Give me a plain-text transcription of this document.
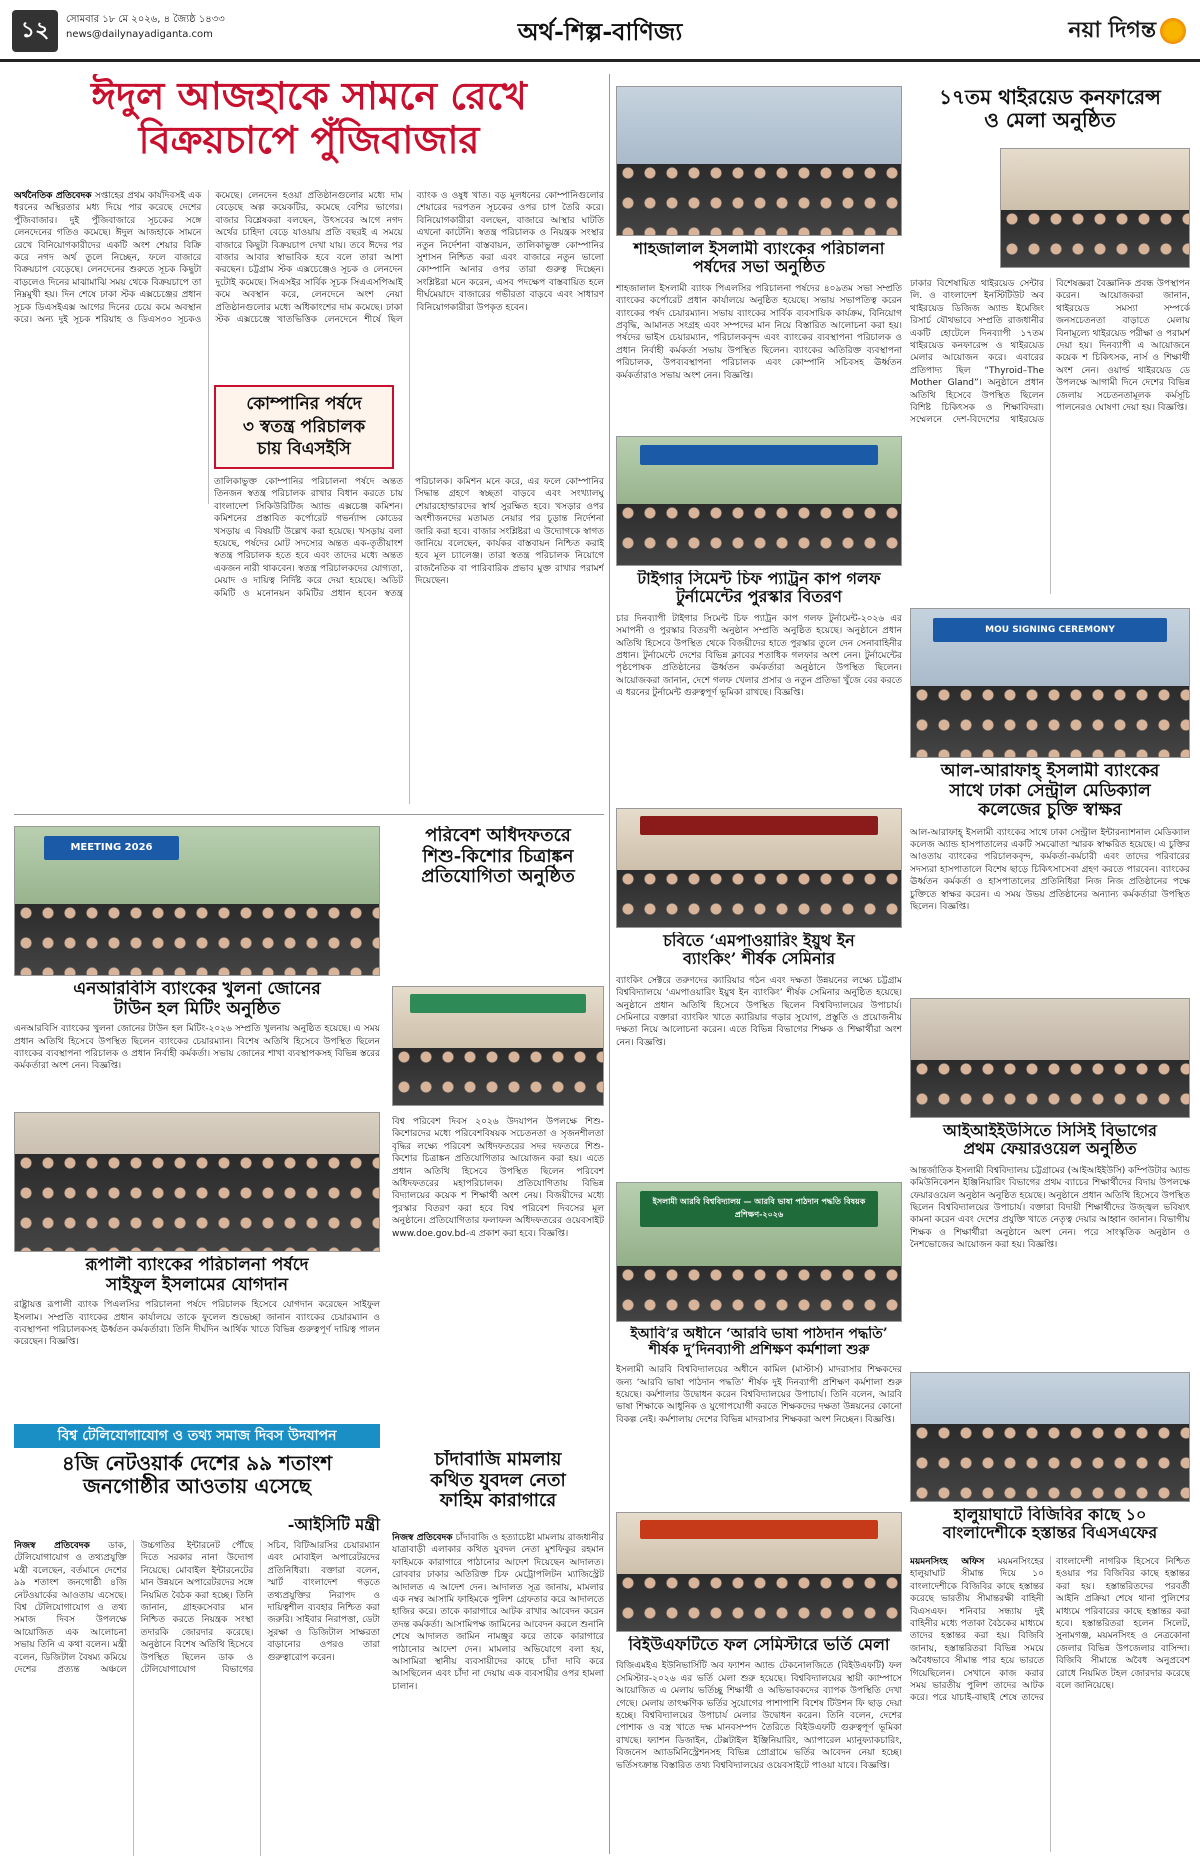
১২	সোমবার ১৮ মে ২০২৬, ৪ জ্যৈষ্ঠ ১৪৩৩
news@dailynayadiganta.com	অর্থ-শিল্প-বাণিজ্য	নয়া দিগন্ত
ঈদুল আজহাকে সামনে রেখে
বিক্রয়চাপে পুঁজিবাজার
অর্থনৈতিক প্রতিবেদক সপ্তাহের প্রথম কার্যদিবসই এক ধরনের অস্থিরতার মধ্য দিয়ে পার করেছে দেশের পুঁজিবাজার। দুই পুঁজিবাজারে সূচকের সঙ্গে লেনদেনের গতিও কমেছে। ঈদুল আজহাকে সামনে রেখে বিনিয়োগকারীদের একটি অংশ শেয়ার বিক্রি করে নগদ অর্থ তুলে নিচ্ছেন, ফলে বাজারে বিক্রয়চাপ বেড়েছে। লেনদেনের শুরুতে সূচক কিছুটা বাড়লেও দিনের মাঝামাঝি সময় থেকে বিক্রয়চাপে তা নিম্নমুখী হয়। দিন শেষে ঢাকা স্টক এক্সচেঞ্জের প্রধান সূচক ডিএসইএক্স আগের দিনের চেয়ে কমে অবস্থান করে। অন্য দুই সূচক শরিয়াহ ও ডিএস৩০ সূচকও কমেছে। লেনদেন হওয়া প্রতিষ্ঠানগুলোর মধ্যে দাম বেড়েছে অল্প কয়েকটির, কমেছে বেশির ভাগের। বাজার বিশ্লেষকরা বলছেন, উৎসবের আগে নগদ অর্থের চাহিদা বেড়ে যাওয়ায় প্রতি বছরই এ সময়ে বাজারে কিছুটা বিক্রয়চাপ দেখা যায়। তবে ঈদের পর বাজার আবার স্বাভাবিক হবে বলে তারা আশা করছেন। চট্টগ্রাম স্টক এক্সচেঞ্জেও সূচক ও লেনদেন দুটোই কমেছে। সিএসইর সার্বিক সূচক সিএএসপিআই কমে অবস্থান করে, লেনদেনে অংশ নেয়া প্রতিষ্ঠানগুলোর মধ্যে অধিকাংশের দাম কমেছে। ঢাকা স্টক এক্সচেঞ্জে খাতভিত্তিক লেনদেনে শীর্ষে ছিল ব্যাংক ও ওষুধ খাত। বড় মূলধনের কোম্পানিগুলোর শেয়ারের দরপতন সূচকের ওপর চাপ তৈরি করে। বিনিয়োগকারীরা বলছেন, বাজারে আস্থার ঘাটতি এখনো কাটেনি। স্বতন্ত্র পরিচালক ও নিয়ন্ত্রক সংস্থার নতুন নির্দেশনা বাস্তবায়ন, তালিকাভুক্ত কোম্পানির সুশাসন নিশ্চিত করা এবং বাজারে নতুন ভালো কোম্পানি আনার ওপর তারা গুরুত্ব দিচ্ছেন। সংশ্লিষ্টরা মনে করেন, এসব পদক্ষেপ বাস্তবায়িত হলে দীর্ঘমেয়াদে বাজারের গভীরতা বাড়বে এবং সাধারণ বিনিয়োগকারীরা উপকৃত হবেন।
কোম্পানির পর্ষদে
৩ স্বতন্ত্র পরিচালক
চায় বিএসইসি
তালিকাভুক্ত কোম্পানির পরিচালনা পর্ষদে অন্তত তিনজন স্বতন্ত্র পরিচালক রাখার বিধান করতে চায় বাংলাদেশ সিকিউরিটিজ অ্যান্ড এক্সচেঞ্জ কমিশন। কমিশনের প্রস্তাবিত কর্পোরেট গভর্ন্যান্স কোডের খসড়ায় এ বিষয়টি উল্লেখ করা হয়েছে। খসড়ায় বলা হয়েছে, পর্ষদের মোট সদস্যের অন্তত এক-তৃতীয়াংশ স্বতন্ত্র পরিচালক হতে হবে এবং তাদের মধ্যে অন্তত একজন নারী থাকবেন। স্বতন্ত্র পরিচালকদের যোগ্যতা, মেয়াদ ও দায়িত্ব নির্দিষ্ট করে দেয়া হয়েছে। অডিট কমিটি ও মনোনয়ন কমিটির প্রধান হবেন স্বতন্ত্র পরিচালক। কমিশন মনে করে, এর ফলে কোম্পানির সিদ্ধান্ত গ্রহণে স্বচ্ছতা বাড়বে এবং সংখ্যালঘু শেয়ারহোল্ডারদের স্বার্থ সুরক্ষিত হবে। খসড়ার ওপর অংশীজনদের মতামত নেয়ার পর চূড়ান্ত নির্দেশনা জারি করা হবে। বাজার সংশ্লিষ্টরা এ উদ্যোগকে স্বাগত জানিয়ে বলেছেন, কার্যকর বাস্তবায়ন নিশ্চিত করাই হবে মূল চ্যালেঞ্জ। তারা স্বতন্ত্র পরিচালক নিয়োগে রাজনৈতিক বা পারিবারিক প্রভাব মুক্ত রাখার পরামর্শ দিয়েছেন।
শাহজালাল ইসলামী ব্যাংকের পরিচালনা
পর্ষদের সভা অনুষ্ঠিত
শাহজালাল ইসলামী ব্যাংক পিএলসির পরিচালনা পর্ষদের ৪০৯তম সভা সম্প্রতি ব্যাংকের কর্পোরেট প্রধান কার্যালয়ে অনুষ্ঠিত হয়েছে। সভায় সভাপতিত্ব করেন ব্যাংকের পর্ষদ চেয়ারম্যান। সভায় ব্যাংকের সার্বিক ব্যবসায়িক কার্যক্রম, বিনিয়োগ প্রবৃদ্ধি, আমানত সংগ্রহ এবং সম্পদের মান নিয়ে বিস্তারিত আলোচনা করা হয়। পর্ষদের ভাইস চেয়ারম্যান, পরিচালকবৃন্দ এবং ব্যাংকের ব্যবস্থাপনা পরিচালক ও প্রধান নির্বাহী কর্মকর্তা সভায় উপস্থিত ছিলেন। ব্যাংকের অতিরিক্ত ব্যবস্থাপনা পরিচালক, উপব্যবস্থাপনা পরিচালক এবং কোম্পানি সচিবসহ ঊর্ধ্বতন কর্মকর্তারাও সভায় অংশ নেন। বিজ্ঞপ্তি।
১৭তম থাইরয়েড কনফারেন্স
ও মেলা অনুষ্ঠিত
ঢাকার বিশেষায়িত থাইরয়েড সেন্টার লি. ও বাংলাদেশ ইনস্টিটিউট অব থাইরয়েড ডিজিজ অ্যান্ড ইমেজিং রিসার্চ যৌথভাবে সম্প্রতি রাজধানীর একটি হোটেলে দিনব্যাপী ১৭তম থাইরয়েড কনফারেন্স ও থাইরয়েড মেলার আয়োজন করে। এবারের প্রতিপাদ্য ছিল “Thyroid–The Mother Gland”। অনুষ্ঠানে প্রধান অতিথি হিসেবে উপস্থিত ছিলেন বিশিষ্ট চিকিৎসক ও শিক্ষাবিদরা। সম্মেলনে দেশ-বিদেশের থাইরয়েড বিশেষজ্ঞরা বৈজ্ঞানিক প্রবন্ধ উপস্থাপন করেন। আয়োজকরা জানান, থাইরয়েড সমস্যা সম্পর্কে জনসচেতনতা বাড়াতে মেলায় বিনামূল্যে থাইরয়েড পরীক্ষা ও পরামর্শ দেয়া হয়। দিনব্যাপী এ আয়োজনে কয়েক শ চিকিৎসক, নার্স ও শিক্ষার্থী অংশ নেন। ওয়ার্ল্ড থাইরয়েড ডে উপলক্ষে আগামী দিনে দেশের বিভিন্ন জেলায় সচেতনতামূলক কর্মসূচি পালনেরও ঘোষণা দেয়া হয়। বিজ্ঞপ্তি।
টাইগার সিমেন্ট চিফ প্যাট্রন কাপ গলফ
টুর্নামেন্টের পুরস্কার বিতরণ
চার দিনব্যাপী টাইগার সিমেন্ট চিফ প্যাট্রন কাপ গলফ টুর্নামেন্ট-২০২৬ এর সমাপনী ও পুরস্কার বিতরণী অনুষ্ঠান সম্প্রতি অনুষ্ঠিত হয়েছে। অনুষ্ঠানে প্রধান অতিথি হিসেবে উপস্থিত থেকে বিজয়ীদের হাতে পুরস্কার তুলে দেন সেনাবাহিনীর প্রধান। টুর্নামেন্টে দেশের বিভিন্ন ক্লাবের শতাধিক গলফার অংশ নেন। টুর্নামেন্টের পৃষ্ঠপোষক প্রতিষ্ঠানের ঊর্ধ্বতন কর্মকর্তারা অনুষ্ঠানে উপস্থিত ছিলেন। আয়োজকরা জানান, দেশে গলফ খেলার প্রসার ও নতুন প্রতিভা খুঁজে বের করতে এ ধরনের টুর্নামেন্ট গুরুত্বপূর্ণ ভূমিকা রাখছে। বিজ্ঞপ্তি।
MOU SIGNING CEREMONY
আল-আরাফাহ্ ইসলামী ব্যাংকের
সাথে ঢাকা সেন্ট্রাল মেডিক্যাল
কলেজের চুক্তি স্বাক্ষর
আল-আরাফাহ্ ইসলামী ব্যাংকের সাথে ঢাকা সেন্ট্রাল ইন্টারন্যাশনাল মেডিক্যাল কলেজ অ্যান্ড হাসপাতালের একটি সমঝোতা স্মারক স্বাক্ষরিত হয়েছে। এ চুক্তির আওতায় ব্যাংকের পরিচালকবৃন্দ, কর্মকর্তা-কর্মচারী এবং তাদের পরিবারের সদস্যরা হাসপাতালে বিশেষ ছাড়ে চিকিৎসাসেবা গ্রহণ করতে পারবেন। ব্যাংকের ঊর্ধ্বতন কর্মকর্তা ও হাসপাতালের প্রতিনিধিরা নিজ নিজ প্রতিষ্ঠানের পক্ষে চুক্তিতে স্বাক্ষর করেন। এ সময় উভয় প্রতিষ্ঠানের অন্যান্য কর্মকর্তারা উপস্থিত ছিলেন। বিজ্ঞপ্তি।
MEETING 2026
এনআরবিসি ব্যাংকের খুলনা জোনের
টাউন হল মিটিং অনুষ্ঠিত
এনআরবিসি ব্যাংকের খুলনা জোনের টাউন হল মিটিং-২০২৬ সম্প্রতি খুলনায় অনুষ্ঠিত হয়েছে। এ সময় প্রধান অতিথি হিসেবে উপস্থিত ছিলেন ব্যাংকের চেয়ারম্যান। বিশেষ অতিথি হিসেবে উপস্থিত ছিলেন ব্যাংকের ব্যবস্থাপনা পরিচালক ও প্রধান নির্বাহী কর্মকর্তা। সভায় জোনের শাখা ব্যবস্থাপকসহ বিভিন্ন স্তরের কর্মকর্তারা অংশ নেন। বিজ্ঞপ্তি।
পরিবেশ অধিদফতরে
শিশু-কিশোর চিত্রাঙ্কন
প্রতিযোগিতা অনুষ্ঠিত
বিশ্ব পরিবেশ দিবস ২০২৬ উদযাপন উপলক্ষে শিশু-কিশোরদের মধ্যে পরিবেশবিষয়ক সচেতনতা ও সৃজনশীলতা বৃদ্ধির লক্ষ্যে পরিবেশ অধিদফতরের সদর দফতরে শিশু-কিশোর চিত্রাঙ্কন প্রতিযোগিতার আয়োজন করা হয়। এতে প্রধান অতিথি হিসেবে উপস্থিত ছিলেন পরিবেশ অধিদফতরের মহাপরিচালক। প্রতিযোগিতায় বিভিন্ন বিদ্যালয়ের কয়েক শ শিক্ষার্থী অংশ নেয়। বিজয়ীদের মধ্যে পুরস্কার বিতরণ করা হবে বিশ্ব পরিবেশ দিবসের মূল অনুষ্ঠানে। প্রতিযোগিতার ফলাফল অধিদফতরের ওয়েবসাইট www.doe.gov.bd-এ প্রকাশ করা হবে। বিজ্ঞপ্তি।
রূপালী ব্যাংকের পরিচালনা পর্ষদে
সাইফুল ইসলামের যোগদান
রাষ্ট্রায়ত্ত রূপালী ব্যাংক পিএলসির পরিচালনা পর্ষদে পরিচালক হিসেবে যোগদান করেছেন সাইফুল ইসলাম। সম্প্রতি ব্যাংকের প্রধান কার্যালয়ে তাকে ফুলেল শুভেচ্ছা জানান ব্যাংকের চেয়ারম্যান ও ব্যবস্থাপনা পরিচালকসহ ঊর্ধ্বতন কর্মকর্তারা। তিনি দীর্ঘদিন আর্থিক খাতে বিভিন্ন গুরুত্বপূর্ণ দায়িত্ব পালন করেছেন। বিজ্ঞপ্তি।
চবিতে ‘এমপাওয়ারিং ইয়ুথ ইন
ব্যাংকিং’ শীর্ষক সেমিনার
ব্যাংকিং সেক্টরে তরুণদের ক্যারিয়ার গঠন এবং দক্ষতা উন্নয়নের লক্ষ্যে চট্টগ্রাম বিশ্ববিদ্যালয়ে ‘এমপাওয়ারিং ইয়ুথ ইন ব্যাংকিং’ শীর্ষক সেমিনার অনুষ্ঠিত হয়েছে। অনুষ্ঠানে প্রধান অতিথি হিসেবে উপস্থিত ছিলেন বিশ্ববিদ্যালয়ের উপাচার্য। সেমিনারে বক্তারা ব্যাংকিং খাতে ক্যারিয়ার গড়ার সুযোগ, প্রস্তুতি ও প্রয়োজনীয় দক্ষতা নিয়ে আলোচনা করেন। এতে বিভিন্ন বিভাগের শিক্ষক ও শিক্ষার্থীরা অংশ নেন। বিজ্ঞপ্তি।
আইআইইউসিতে সিসিই বিভাগের
প্রথম ফেয়ারওয়েল অনুষ্ঠিত
আন্তর্জাতিক ইসলামী বিশ্ববিদ্যালয় চট্টগ্রামের (আইআইইউসি) কম্পিউটার অ্যান্ড কমিউনিকেশন ইঞ্জিনিয়ারিং বিভাগের প্রথম ব্যাচের শিক্ষার্থীদের বিদায় উপলক্ষে ফেয়ারওয়েল অনুষ্ঠান অনুষ্ঠিত হয়েছে। অনুষ্ঠানে প্রধান অতিথি হিসেবে উপস্থিত ছিলেন বিশ্ববিদ্যালয়ের উপাচার্য। বক্তারা বিদায়ী শিক্ষার্থীদের উজ্জ্বল ভবিষ্যৎ কামনা করেন এবং দেশের প্রযুক্তি খাতে নেতৃত্ব দেয়ার আহ্বান জানান। বিভাগীয় শিক্ষক ও শিক্ষার্থীরা অনুষ্ঠানে অংশ নেন। পরে সাংস্কৃতিক অনুষ্ঠান ও নৈশভোজের আয়োজন করা হয়। বিজ্ঞপ্তি।
ইসলামী আরবি বিশ্ববিদ্যালয় — আরবি ভাষা পাঠদান পদ্ধতি বিষয়ক প্রশিক্ষণ-২০২৬
ইআবি’র অধীনে ‘আরবি ভাষা পাঠদান পদ্ধতি’
শীর্ষক দু’দিনব্যাপী প্রশিক্ষণ কর্মশালা শুরু
ইসলামী আরবি বিশ্ববিদ্যালয়ের অধীনে কামিল (মাস্টার্স) মাদরাসার শিক্ষকদের জন্য ‘আরবি ভাষা পাঠদান পদ্ধতি’ শীর্ষক দুই দিনব্যাপী প্রশিক্ষণ কর্মশালা শুরু হয়েছে। কর্মশালার উদ্বোধন করেন বিশ্ববিদ্যালয়ের উপাচার্য। তিনি বলেন, আরবি ভাষা শিক্ষাকে আধুনিক ও যুগোপযোগী করতে শিক্ষকদের দক্ষতা উন্নয়নের কোনো বিকল্প নেই। কর্মশালায় দেশের বিভিন্ন মাদরাসার শিক্ষকরা অংশ নিচ্ছেন। বিজ্ঞপ্তি।
হালুয়াঘাটে বিজিবির কাছে ১০
বাংলাদেশীকে হস্তান্তর বিএসএফের
ময়মনসিংহ অফিস ময়মনসিংহের হালুয়াঘাট সীমান্ত দিয়ে ১০ বাংলাদেশীকে বিজিবির কাছে হস্তান্তর করেছে ভারতীয় সীমান্তরক্ষী বাহিনী বিএসএফ। শনিবার সন্ধ্যায় দুই বাহিনীর মধ্যে পতাকা বৈঠকের মাধ্যমে তাদের হস্তান্তর করা হয়। বিজিবি জানায়, হস্তান্তরিতরা বিভিন্ন সময়ে অবৈধভাবে সীমান্ত পার হয়ে ভারতে গিয়েছিলেন। সেখানে কাজ করার সময় ভারতীয় পুলিশ তাদের আটক করে। পরে যাচাই-বাছাই শেষে তাদের বাংলাদেশী নাগরিক হিসেবে নিশ্চিত হওয়ার পর বিজিবির কাছে হস্তান্তর করা হয়। হস্তান্তরিতদের পরবর্তী আইনি প্রক্রিয়া শেষে থানা পুলিশের মাধ্যমে পরিবারের কাছে হস্তান্তর করা হবে। হস্তান্তরিতরা হলেন সিলেট, সুনামগঞ্জ, ময়মনসিংহ ও নেত্রকোনা জেলার বিভিন্ন উপজেলার বাসিন্দা। বিজিবি সীমান্তে অবৈধ অনুপ্রবেশ রোধে নিয়মিত টহল জোরদার করেছে বলে জানিয়েছে।
বিশ্ব টেলিযোগাযোগ ও তথ্য সমাজ দিবস উদযাপন
৪জি নেটওয়ার্ক দেশের ৯৯ শতাংশ
জনগোষ্ঠীর আওতায় এসেছে
-আইসিটি মন্ত্রী
নিজস্ব প্রতিবেদক ডাক, টেলিযোগাযোগ ও তথ্যপ্রযুক্তি মন্ত্রী বলেছেন, বর্তমানে দেশের ৯৯ শতাংশ জনগোষ্ঠী ৪জি নেটওয়ার্কের আওতায় এসেছে। বিশ্ব টেলিযোগাযোগ ও তথ্য সমাজ দিবস উপলক্ষে আয়োজিত এক আলোচনা সভায় তিনি এ কথা বলেন। মন্ত্রী বলেন, ডিজিটাল বৈষম্য কমিয়ে দেশের প্রত্যন্ত অঞ্চলে উচ্চগতির ইন্টারনেট পৌঁছে দিতে সরকার নানা উদ্যোগ নিয়েছে। মোবাইল ইন্টারনেটের মান উন্নয়নে অপারেটরদের সঙ্গে নিয়মিত বৈঠক করা হচ্ছে। তিনি জানান, গ্রাহকসেবার মান নিশ্চিত করতে নিয়ন্ত্রক সংস্থা তদারকি জোরদার করেছে। অনুষ্ঠানে বিশেষ অতিথি হিসেবে উপস্থিত ছিলেন ডাক ও টেলিযোগাযোগ বিভাগের সচিব, বিটিআরসির চেয়ারম্যান এবং মোবাইল অপারেটরদের প্রতিনিধিরা। বক্তারা বলেন, স্মার্ট বাংলাদেশ গড়তে তথ্যপ্রযুক্তির নিরাপদ ও দায়িত্বশীল ব্যবহার নিশ্চিত করা জরুরি। সাইবার নিরাপত্তা, ডেটা সুরক্ষা ও ডিজিটাল সাক্ষরতা বাড়ানোর ওপরও তারা গুরুত্বারোপ করেন।
চাঁদাবাজি মামলায়
কথিত যুবদল নেতা
ফাহিম কারাগারে
নিজস্ব প্রতিবেদক চাঁদাবাজি ও হত্যাচেষ্টা মামলায় রাজধানীর যাত্রাবাড়ী এলাকার কথিত যুবদল নেতা মুশফিকুর রহমান ফাহিমকে কারাগারে পাঠানোর আদেশ দিয়েছেন আদালত। রোববার ঢাকার অতিরিক্ত চিফ মেট্রোপলিটন ম্যাজিস্ট্রেট আদালত এ আদেশ দেন। আদালত সূত্র জানায়, মামলার এক নম্বর আসামি ফাহিমকে পুলিশ গ্রেফতার করে আদালতে হাজির করে। তাকে কারাগারে আটক রাখার আবেদন করেন তদন্ত কর্মকর্তা। আসামিপক্ষ জামিনের আবেদন করলে শুনানি শেষে আদালত জামিন নামঞ্জুর করে তাকে কারাগারে পাঠানোর আদেশ দেন। মামলার অভিযোগে বলা হয়, আসামিরা স্থানীয় ব্যবসায়ীদের কাছে চাঁদা দাবি করে আসছিলেন এবং চাঁদা না দেয়ায় এক ব্যবসায়ীর ওপর হামলা চালান।
বিইউএফটিতে ফল সেমিস্টারে ভর্তি মেলা
বিজিএমইএ ইউনিভার্সিটি অব ফ্যাশন অ্যান্ড টেকনোলজিতে (বিইউএফটি) ফল সেমিস্টার-২০২৬ এর ভর্তি মেলা শুরু হয়েছে। বিশ্ববিদ্যালয়ের স্থায়ী ক্যাম্পাসে আয়োজিত এ মেলায় ভর্তিচ্ছু শিক্ষার্থী ও অভিভাবকদের ব্যাপক উপস্থিতি দেখা গেছে। মেলায় তাৎক্ষণিক ভর্তির সুযোগের পাশাপাশি বিশেষ টিউশন ফি ছাড় দেয়া হচ্ছে। বিশ্ববিদ্যালয়ের উপাচার্য মেলার উদ্বোধন করেন। তিনি বলেন, দেশের পোশাক ও বস্ত্র খাতে দক্ষ মানবসম্পদ তৈরিতে বিইউএফটি গুরুত্বপূর্ণ ভূমিকা রাখছে। ফ্যাশন ডিজাইন, টেক্সটাইল ইঞ্জিনিয়ারিং, অ্যাপারেল ম্যানুফ্যাকচারিং, বিজনেস অ্যাডমিনিস্ট্রেশনসহ বিভিন্ন প্রোগ্রামে ভর্তির আবেদন নেয়া হচ্ছে। ভর্তিসংক্রান্ত বিস্তারিত তথ্য বিশ্ববিদ্যালয়ের ওয়েবসাইটে পাওয়া যাবে। বিজ্ঞপ্তি।
